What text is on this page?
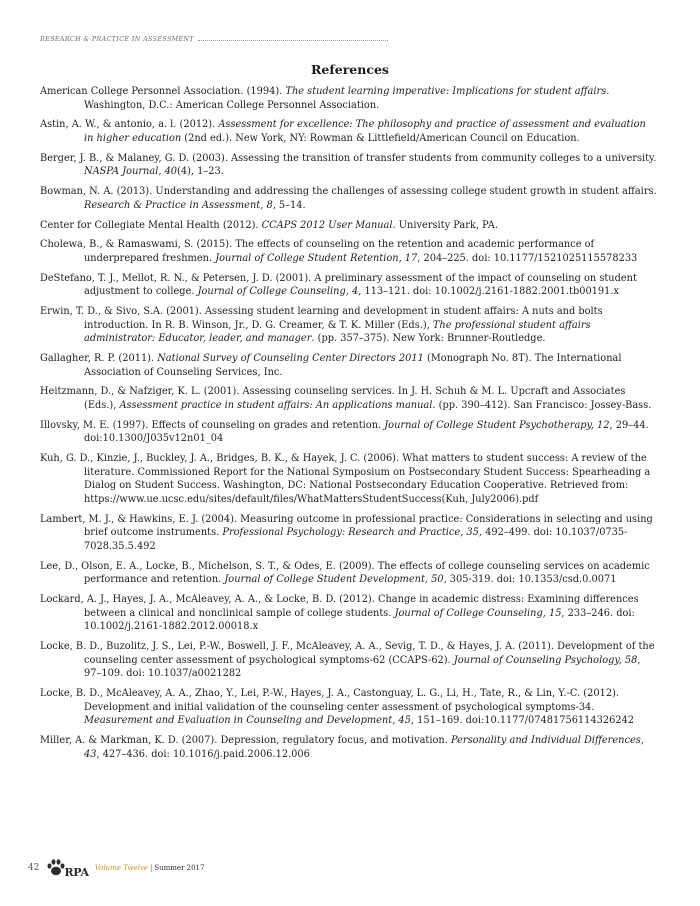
RESEARCH & PRACTICE IN ASSESSMENT
References
American College Personnel Association. (1994). The student learning imperative: Implications for student affairs. Washington, D.C.: American College Personnel Association.
Astin, A. W., & antonio, a. l. (2012). Assessment for excellence: The philosophy and practice of assessment and evaluation in higher education (2nd ed.). New York, NY: Rowman & Littlefield/American Council on Education.
Berger, J. B., & Malaney, G. D. (2003). Assessing the transition of transfer students from community colleges to a university. NASPA Journal, 40(4), 1–23.
Bowman, N. A. (2013). Understanding and addressing the challenges of assessing college student growth in student affairs. Research & Practice in Assessment, 8, 5–14.
Center for Collegiate Mental Health (2012). CCAPS 2012 User Manual. University Park, PA.
Cholewa, B., & Ramaswami, S. (2015). The effects of counseling on the retention and academic performance of underprepared freshmen. Journal of College Student Retention, 17, 204–225. doi: 10.1177/1521025115578233
DeStefano, T. J., Mellot, R. N., & Petersen, J. D. (2001). A preliminary assessment of the impact of counseling on student adjustment to college. Journal of College Counseling, 4, 113–121. doi: 10.1002/j.2161-1882.2001.tb00191.x
Erwin, T. D., & Sivo, S.A. (2001). Assessing student learning and development in student affairs: A nuts and bolts introduction. In R. B. Winson, Jr., D. G. Creamer, & T. K. Miller (Eds.), The professional student affairs administrator: Educator, leader, and manager. (pp. 357–375). New York: Brunner-Routledge.
Gallagher, R. P. (2011). National Survey of Counseling Center Directors 2011 (Monograph No. 8T). The International Association of Counseling Services, Inc.
Heitzmann, D., & Nafziger, K. L. (2001). Assessing counseling services. In J. H. Schuh & M. L. Upcraft and Associates (Eds.), Assessment practice in student affairs: An applications manual. (pp. 390–412). San Francisco: Jossey-Bass.
Illovsky, M. E. (1997). Effects of counseling on grades and retention. Journal of College Student Psychotherapy, 12, 29–44. doi:10.1300/J035v12n01_04
Kuh, G. D., Kinzie, J., Buckley, J. A., Bridges, B. K., & Hayek, J. C. (2006). What matters to student success: A review of the literature. Commissioned Report for the National Symposium on Postsecondary Student Success: Spearheading a Dialog on Student Success. Washington, DC: National Postsecondary Education Cooperative. Retrieved from: https://www.ue.ucsc.edu/sites/default/files/WhatMattersStudentSuccess(Kuh, July2006).pdf
Lambert, M. J., & Hawkins, E. J. (2004). Measuring outcome in professional practice: Considerations in selecting and using brief outcome instruments. Professional Psychology: Research and Practice, 35, 492–499. doi: 10.1037/0735-7028.35.5.492
Lee, D., Olson, E. A., Locke, B., Michelson, S. T., & Odes, E. (2009). The effects of college counseling services on academic performance and retention. Journal of College Student Development, 50, 305-319. doi: 10.1353/csd.0.0071
Lockard, A. J., Hayes, J. A., McAleavey, A. A., & Locke, B. D. (2012). Change in academic distress: Examining differences between a clinical and nonclinical sample of college students. Journal of College Counseling, 15, 233–246. doi: 10.1002/j.2161-1882.2012.00018.x
Locke, B. D., Buzolitz, J. S., Lei, P.-W., Boswell, J. F., McAleavey, A. A., Sevig, T. D., & Hayes, J. A. (2011). Development of the counseling center assessment of psychological symptoms-62 (CCAPS-62). Journal of Counseling Psychology, 58, 97–109. doi: 10.1037/a0021282
Locke, B. D., McAleavey, A. A., Zhao, Y., Lei, P.-W., Hayes, J. A., Castonguay, L. G., Li, H., Tate, R., & Lin, Y.-C. (2012). Development and initial validation of the counseling center assessment of psychological symptoms-34. Measurement and Evaluation in Counseling and Development, 45, 151–169. doi:10.1177/0748175611432624​2
Miller, A. & Markman, K. D. (2007). Depression, regulatory focus, and motivation. Personality and Individual Differences, 43, 427–436. doi: 10.1016/j.paid.2006.12.006
42 RPA Volume Twelve | Summer 2017
